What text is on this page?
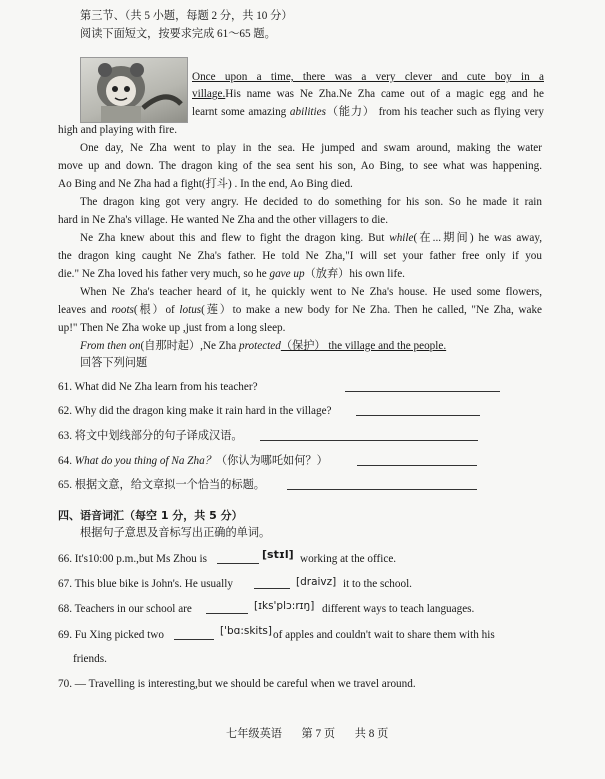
第三节、（共 5 小题，每题 2 分，共 10 分）
阅读下面短文，按要求完成 61～65 题。
Once upon a time, there was a very clever and cute boy in a
village.His name was Ne Zha.Ne Zha came out of a magic egg and he
learnt some amazing abilities（能力） from his teacher such as flying very
high and playing with fire.
One day, Ne Zha went to play in the sea. He jumped and swam around, making the water
move up and down. The dragon king of the sea sent his son, Ao Bing, to see what was happening.
Ao Bing and Ne Zha had a fight(打斗) . In the end, Ao Bing died.
The dragon king got very angry. He decided to do something for his son. So he made it rain
hard in Ne Zha's village. He wanted Ne Zha and the other villagers to die.
Ne Zha knew about this and flew to fight the dragon king. But while(在...期间) he was away,
the dragon king caught Ne Zha's father. He told Ne Zha,"I will set your father free only if you
die." Ne Zha loved his father very much, so he gave up（放弃）his own life.
When Ne Zha's teacher heard of it, he quickly went to Ne Zha's house. He used some flowers,
leaves and roots(根）of lotus(莲）to make a new body for Ne Zha. Then he called, "Ne Zha, wake
up!" Then Ne Zha woke up ,just from a long sleep.
From then on(自那时起）,Ne Zha protected（保护） the village and the people.
回答下列问题
61. What did Ne Zha learn from his teacher?
62. Why did the dragon king make it rain hard in the village?
63. 将文中划线部分的句子译成汉语。
64. What do you thing of Na Zha？（你认为哪吒如何？）
65. 根据文意，给文章拟一个恰当的标题。
四、语音词汇（每空 1 分，共 5 分）
根据句子意思及音标写出正确的单词。
66. It's10:00 p.m.,but Ms Zhou is	[stɪl] working at the office.
67. This blue bike is John's. He usually	[draivz] it to the school.
68. Teachers in our school are	[ɪks'plɔ:rɪŋ] different ways to teach languages.
69. Fu Xing picked two	['bɑ:skits] of apples and couldn't wait to share them with his
friends.
70. — Travelling is interesting,but we should be careful when we travel around.
七年级英语 第 7 页 共 8 页
